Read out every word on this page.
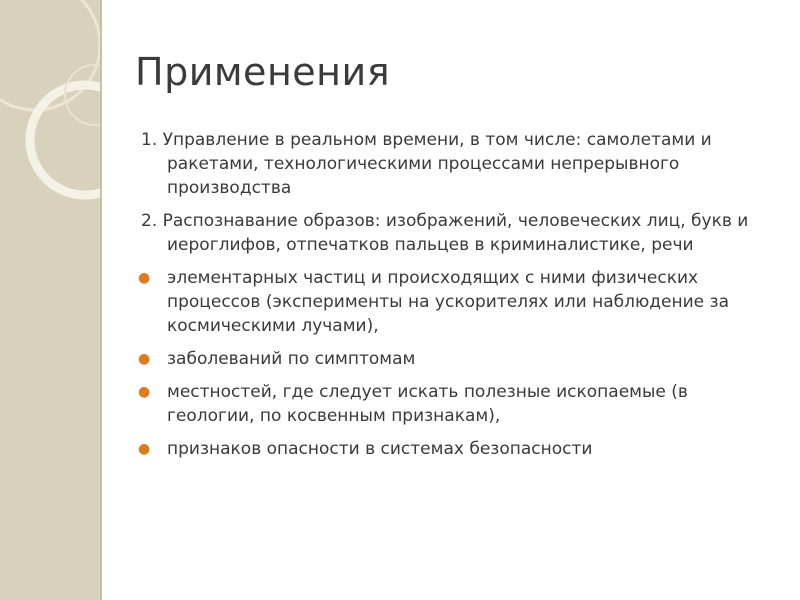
Применения
1. Управление в реальном времени, в том числе: самолетами и ракетами, технологическими процессами непрерывного производства
2. Распознавание образов: изображений, человеческих лиц, букв и иероглифов, отпечатков пальцев в криминалистике, речи
● элементарных частиц и происходящих с ними физических процессов (эксперименты на ускорителях или наблюдение за космическими лучами),
● заболеваний по симптомам
● местностей, где следует искать полезные ископаемые (в геологии, по косвенным признакам),
● признаков опасности в системах безопасности
